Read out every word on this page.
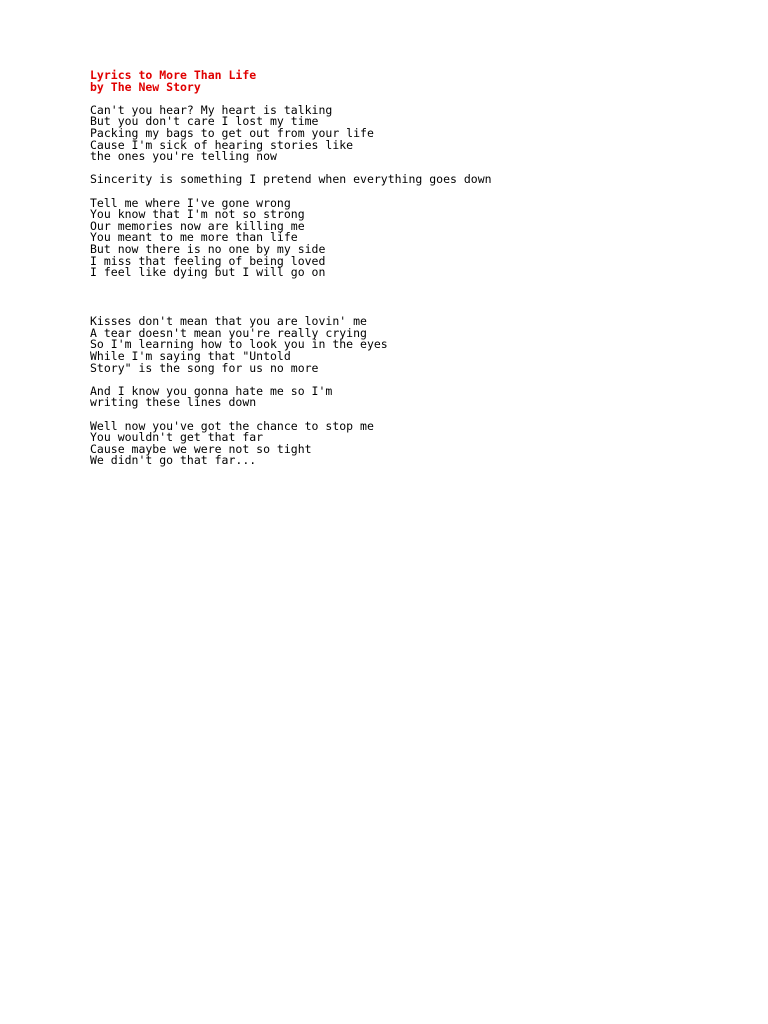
Lyrics to More Than Life
by The New Story
Can't you hear? My heart is talking
But you don't care I lost my time
Packing my bags to get out from your life
Cause I'm sick of hearing stories like
the ones you're telling now
Sincerity is something I pretend when everything goes down
Tell me where I've gone wrong
You know that I'm not so strong
Our memories now are killing me
You meant to me more than life
But now there is no one by my side
I miss that feeling of being loved
I feel like dying but I will go on
Kisses don't mean that you are lovin' me
A tear doesn't mean you're really crying
So I'm learning how to look you in the eyes
While I'm saying that "Untold
Story" is the song for us no more
And I know you gonna hate me so I'm
writing these lines down
Well now you've got the chance to stop me
You wouldn't get that far
Cause maybe we were not so tight
We didn't go that far...
